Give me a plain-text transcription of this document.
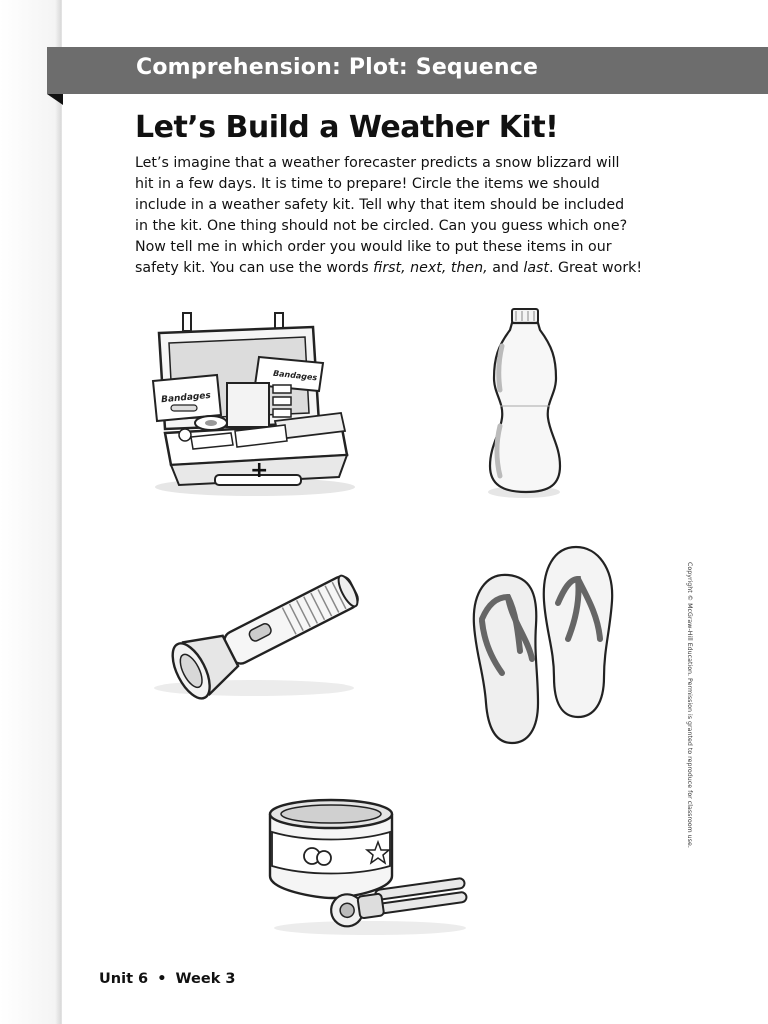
Comprehension: Plot: Sequence
Let’s Build a Weather Kit!

Let’s imagine that a weather forecaster predicts a snow blizzard will
hit in a few days. It is time to prepare! Circle the items we should
include in a weather safety kit. Tell why that item should be included
in the kit. One thing should not be circled. Can you guess which one?
Now tell me in which order you would like to put these items in our
safety kit. You can use the words first, next, then, and last. Great work!

Bandages
+
Bandages
Copyright © McGraw-Hill Education. Permission is granted to reproduce for classroom use.
Unit 6 • Week 3
